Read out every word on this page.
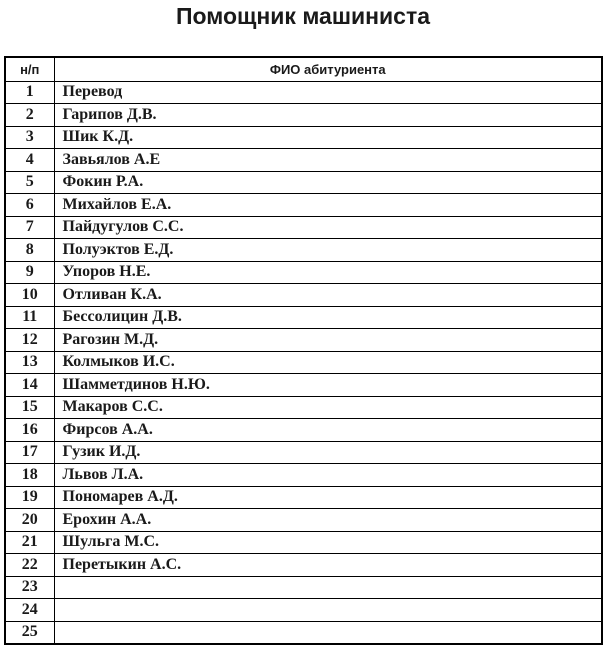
Помощник машиниста
н/п	ФИО абитуриента
1	Перевод
2	Гарипов Д.В.
3	Шик К.Д.
4	Завьялов А.Е
5	Фокин Р.А.
6	Михайлов Е.А.
7	Пайдугулов С.С.
8	Полуэктов Е.Д.
9	Упоров Н.Е.
10	Отливан К.А.
11	Бессолицин Д.В.
12	Рагозин М.Д.
13	Колмыков И.С.
14	Шамметдинов Н.Ю.
15	Макаров С.С.
16	Фирсов А.А.
17	Гузик И.Д.
18	Львов Л.А.
19	Пономарев А.Д.
20	Ерохин А.А.
21	Шульга М.С.
22	Перетыкин А.С.
23	
24	
25	
